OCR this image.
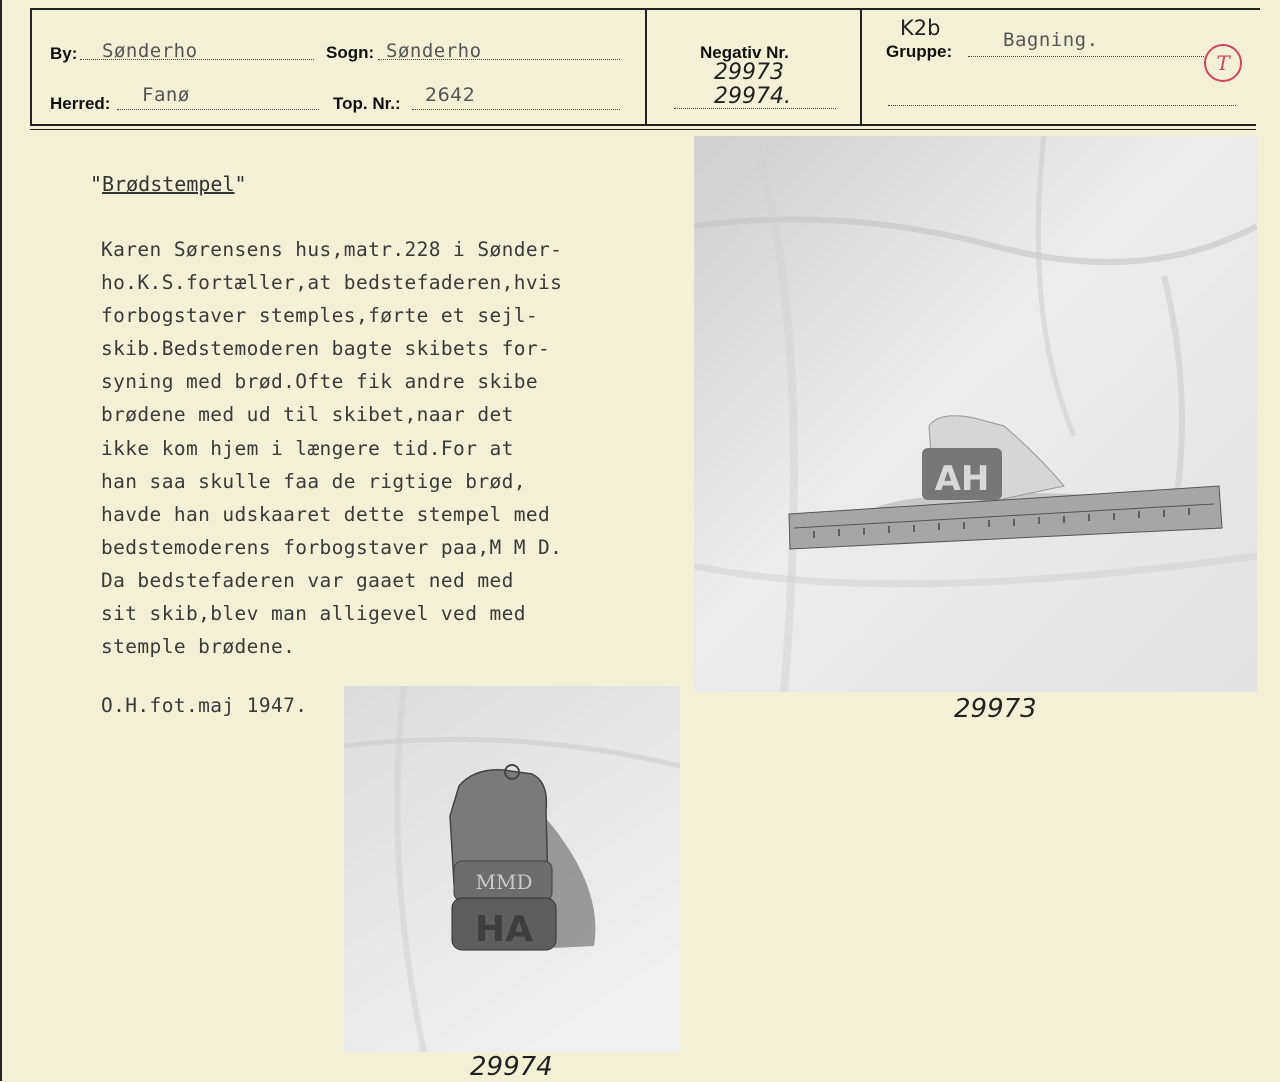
By: Sønderho	Sogn: Sønderho
Herred: Fanø	Top. Nr.: 2642
Negativ Nr.
29973
29974.
K2b
Gruppe:
Bagning.
T
"Brødstempel"
Karen Sørensens hus,matr.228 i Sønder-
ho.K.S.fortæller,at bedstefaderen,hvis
forbogstaver stemples,førte et sejl-
skib.Bedstemoderen bagte skibets for-
syning med brød.Ofte fik andre skibe
brødene med ud til skibet,naar det
ikke kom hjem i længere tid.For at
han saa skulle faa de rigtige brød,
havde han udskaaret dette stempel med
bedstemoderens forbogstaver paa,M M D.
Da bedstefaderen var gaaet ned med
sit skib,blev man alligevel ved med
stemple brødene.
O.H.fot.maj 1947.
AH
29973
MMD
HA
29974
